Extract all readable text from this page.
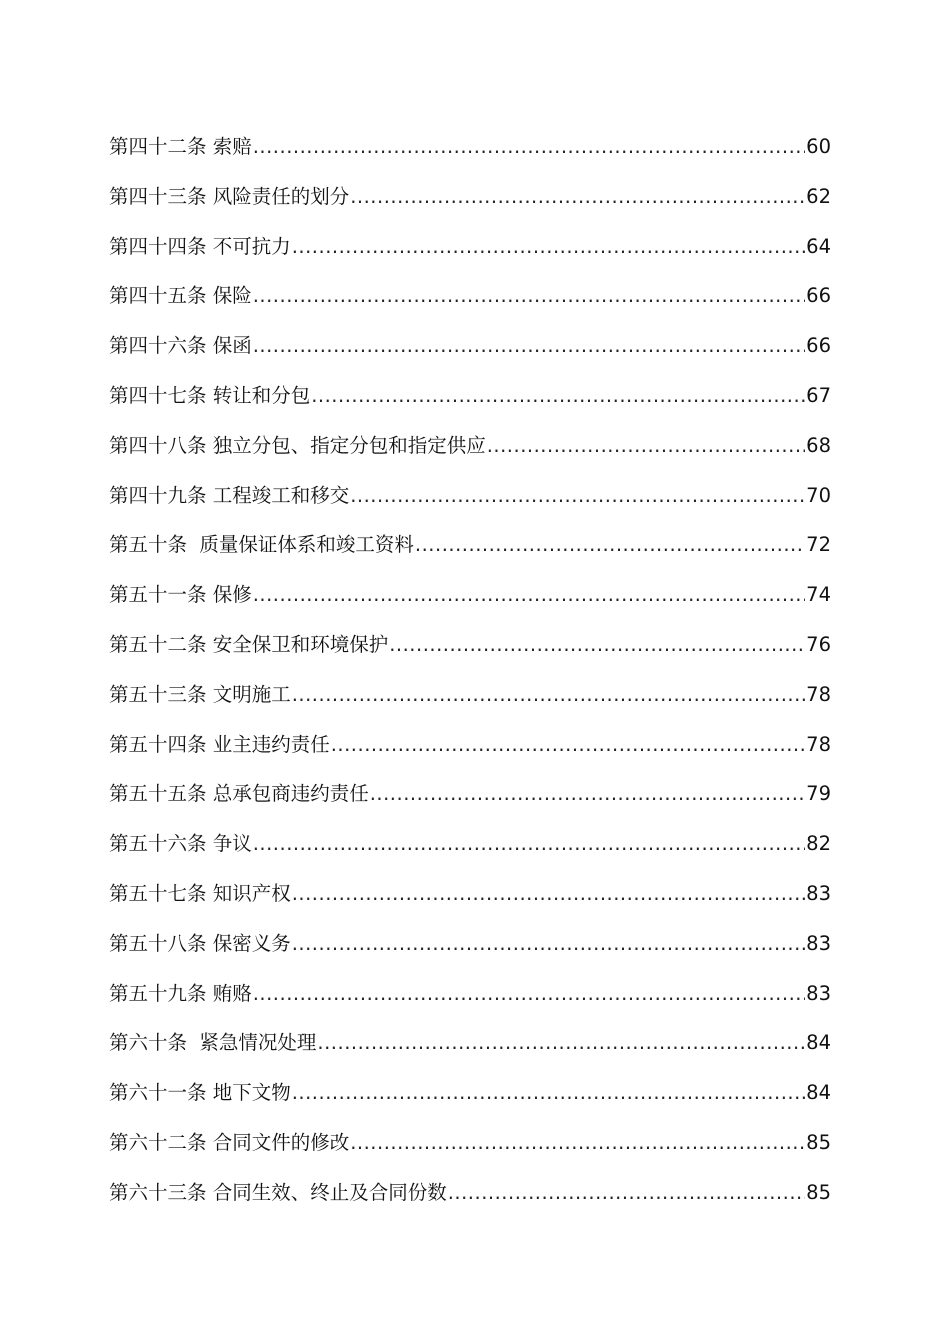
第四十二条 索赔 .....	60
第四十三条 风险责任的划分 .....	62
第四十四条 不可抗力 .....	64
第四十五条 保险 .....	66
第四十六条 保函 .....	66
第四十七条 转让和分包 .....	67
第四十八条 独立分包、指定分包和指定供应 .....	68
第四十九条 工程竣工和移交 .....	70
第五十条  质量保证体系和竣工资料 .....	72
第五十一条 保修 .....	74
第五十二条 安全保卫和环境保护 .....	76
第五十三条 文明施工 .....	78
第五十四条 业主违约责任 .....	78
第五十五条 总承包商违约责任 .....	79
第五十六条 争议 .....	82
第五十七条 知识产权 .....	83
第五十八条 保密义务 .....	83
第五十九条 贿赂 .....	83
第六十条  紧急情况处理 .....	84
第六十一条 地下文物 .....	84
第六十二条 合同文件的修改 .....	85
第六十三条 合同生效、终止及合同份数 .....	85
